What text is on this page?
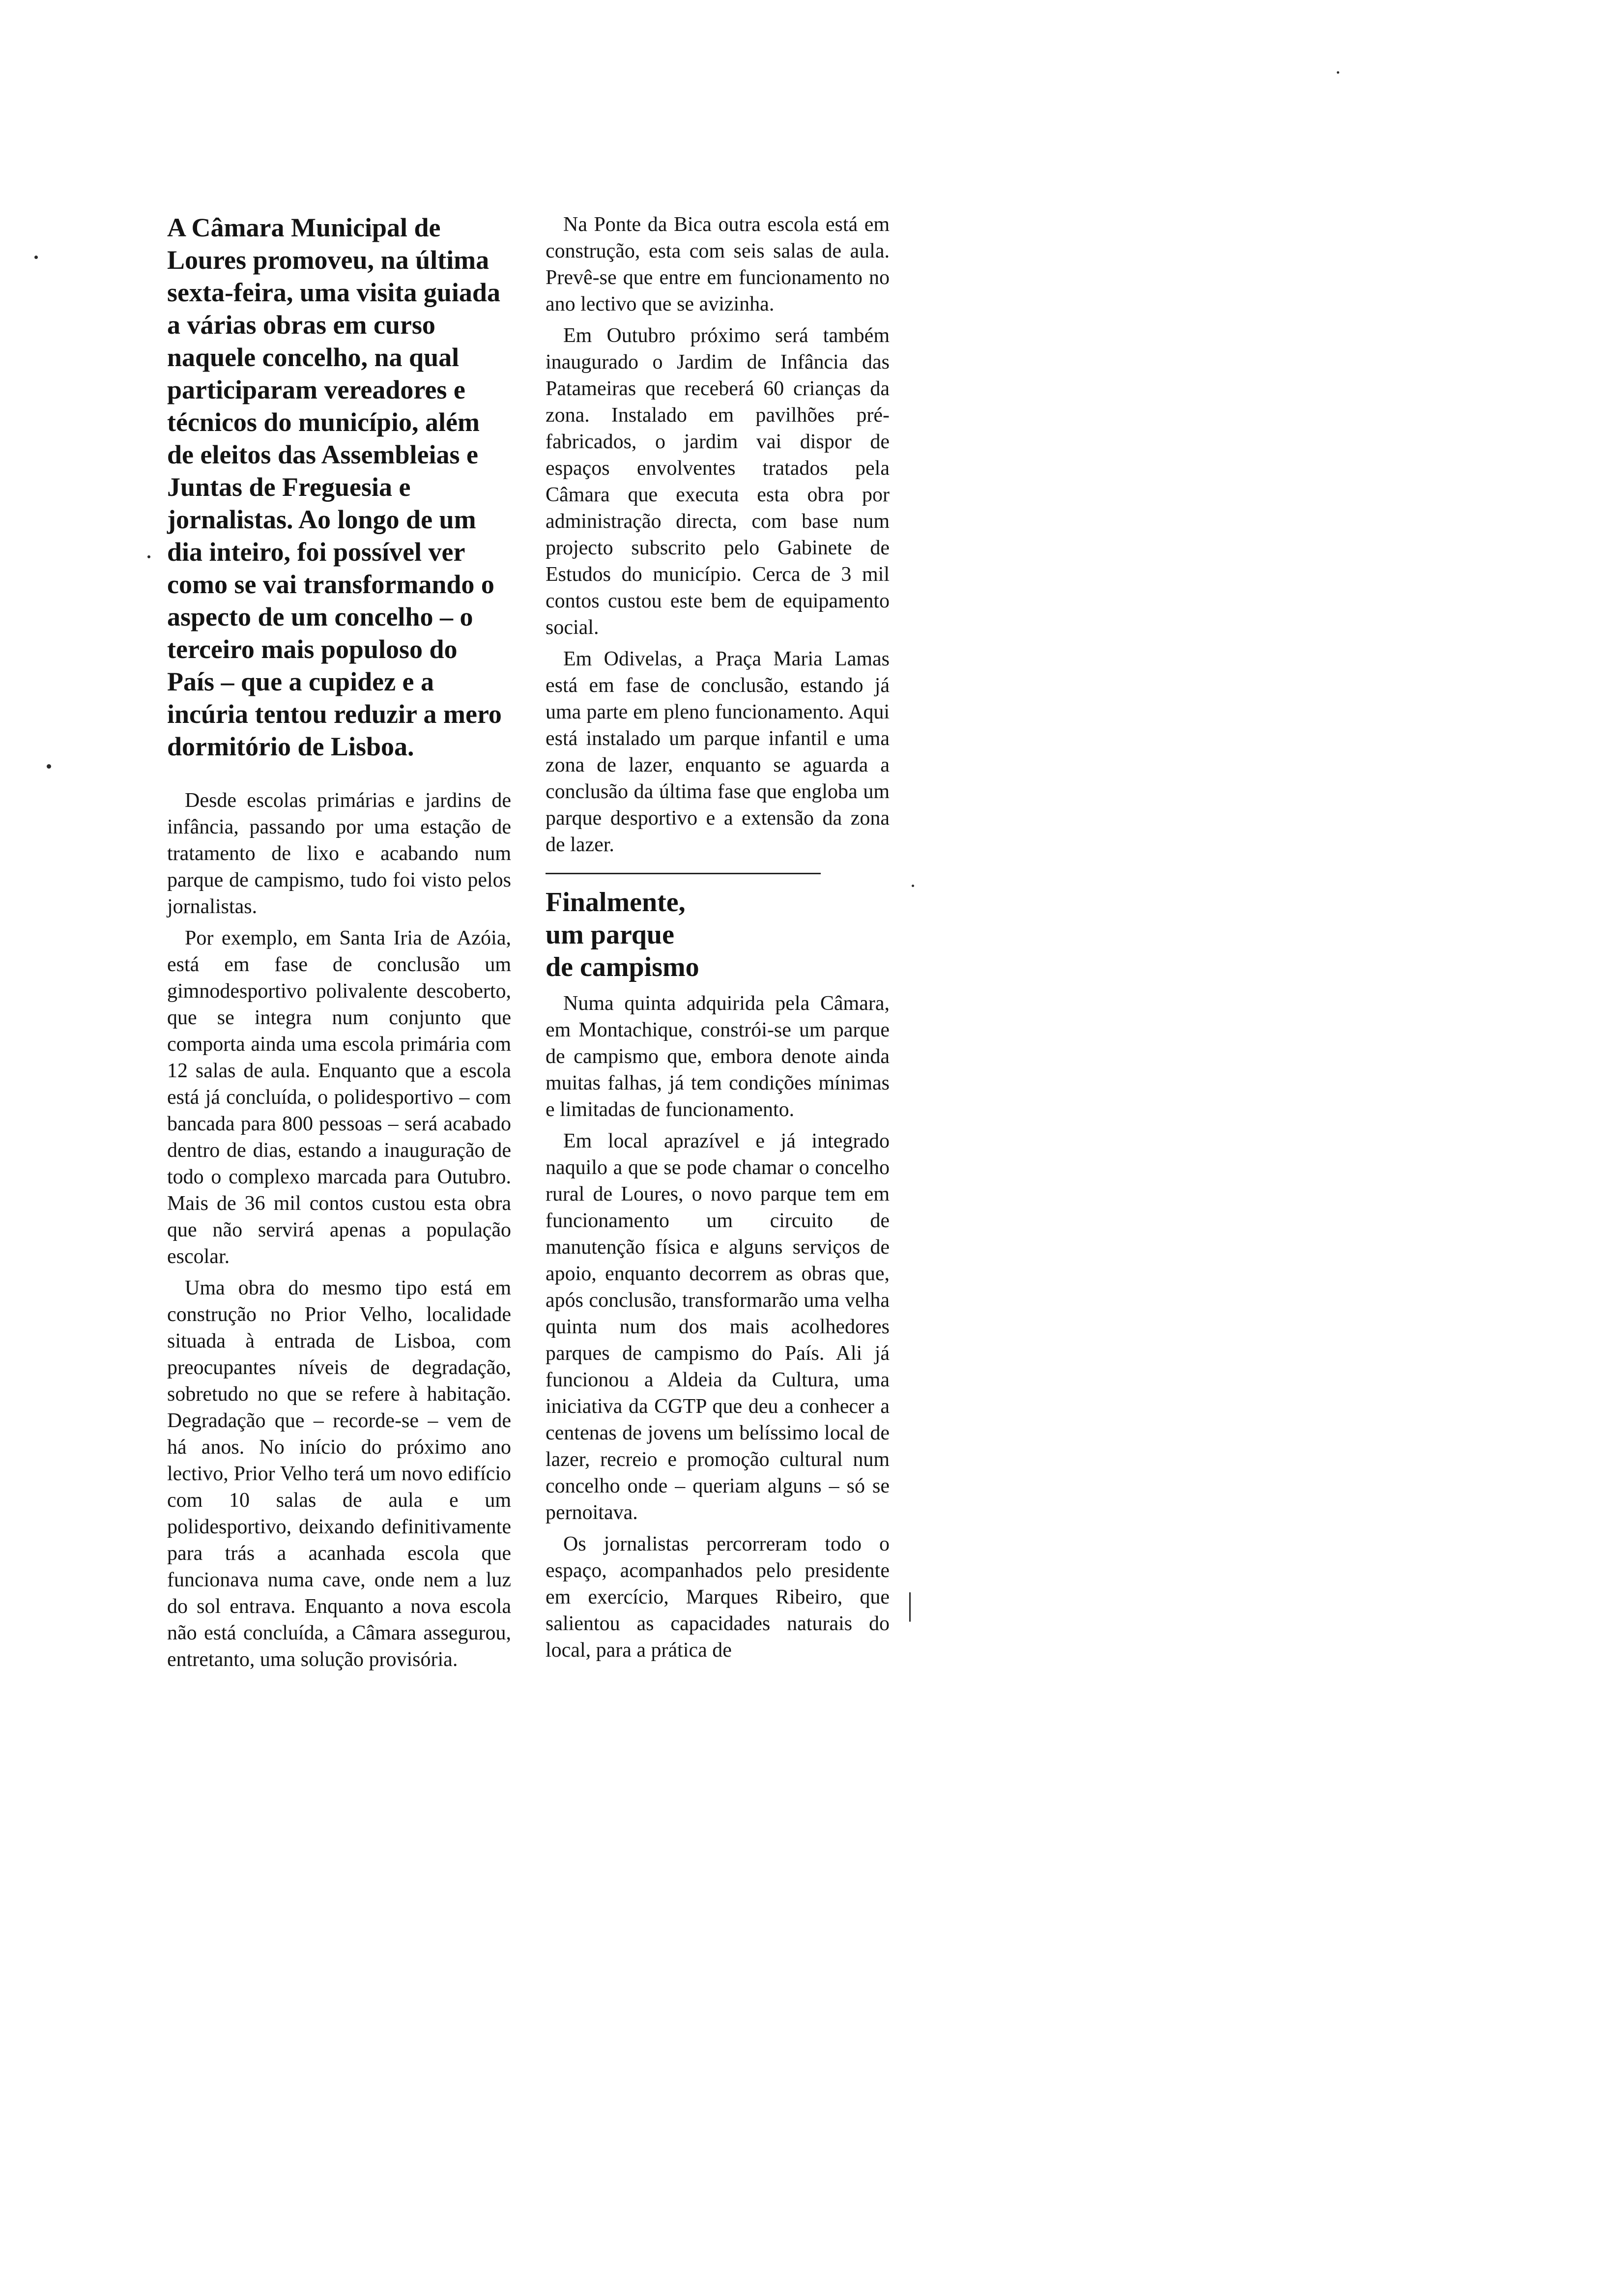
A Câmara Municipal de Loures promoveu, na última sexta-feira, uma visita guiada a várias obras em curso naquele concelho, na qual participaram vereadores e técnicos do município, além de eleitos das Assembleias e Juntas de Freguesia e jornalistas. Ao longo de um dia inteiro, foi possível ver como se vai transformando o aspecto de um concelho – o terceiro mais populoso do País – que a cupidez e a incúria tentou reduzir a mero dormitório de Lisboa.

Desde escolas primárias e jardins de infância, passando por uma estação de tratamento de lixo e acabando num parque de campismo, tudo foi visto pelos jornalistas.

Por exemplo, em Santa Iria de Azóia, está em fase de conclusão um gimnodesportivo polivalente descoberto, que se integra num conjunto que comporta ainda uma escola primária com 12 salas de aula. Enquanto que a escola está já concluída, o polidesportivo – com bancada para 800 pessoas – será acabado dentro de dias, estando a inauguração de todo o complexo marcada para Outubro. Mais de 36 mil contos custou esta obra que não servirá apenas a população escolar.

Uma obra do mesmo tipo está em construção no Prior Velho, localidade situada à entrada de Lisboa, com preocupantes níveis de degradação, sobretudo no que se refere à habitação. Degradação que – recorde-se – vem de há anos. No início do próximo ano lectivo, Prior Velho terá um novo edifício com 10 salas de aula e um polidesportivo, deixando definitivamente para trás a acanhada escola que funcionava numa cave, onde nem a luz do sol entrava. Enquanto a nova escola não está concluída, a Câmara assegurou, entretanto, uma solução provisória.

Na Ponte da Bica outra escola está em construção, esta com seis salas de aula. Prevê-se que entre em funcionamento no ano lectivo que se avizinha.

Em Outubro próximo será também inaugurado o Jardim de Infância das Patameiras que receberá 60 crianças da zona. Instalado em pavilhões pré-fabricados, o jardim vai dispor de espaços envolventes tratados pela Câmara que executa esta obra por administração directa, com base num projecto subscrito pelo Gabinete de Estudos do município. Cerca de 3 mil contos custou este bem de equipamento social.

Em Odivelas, a Praça Maria Lamas está em fase de conclusão, estando já uma parte em pleno funcionamento. Aqui está instalado um parque infantil e uma zona de lazer, enquanto se aguarda a conclusão da última fase que engloba um parque desportivo e a extensão da zona de lazer.

Finalmente,
um parque
de campismo

Numa quinta adquirida pela Câmara, em Montachique, constrói-se um parque de campismo que, embora denote ainda muitas falhas, já tem condições mínimas e limitadas de funcionamento.

Em local aprazível e já integrado naquilo a que se pode chamar o concelho rural de Loures, o novo parque tem em funcionamento um circuito de manutenção física e alguns serviços de apoio, enquanto decorrem as obras que, após conclusão, transformarão uma velha quinta num dos mais acolhedores parques de campismo do País. Ali já funcionou a Aldeia da Cultura, uma iniciativa da CGTP que deu a conhecer a centenas de jovens um belíssimo local de lazer, recreio e promoção cultural num concelho onde – queriam alguns – só se pernoitava.

Os jornalistas percorreram todo o espaço, acompanhados pelo presidente em exercício, Marques Ribeiro, que salientou as capacidades naturais do local, para a prática de
